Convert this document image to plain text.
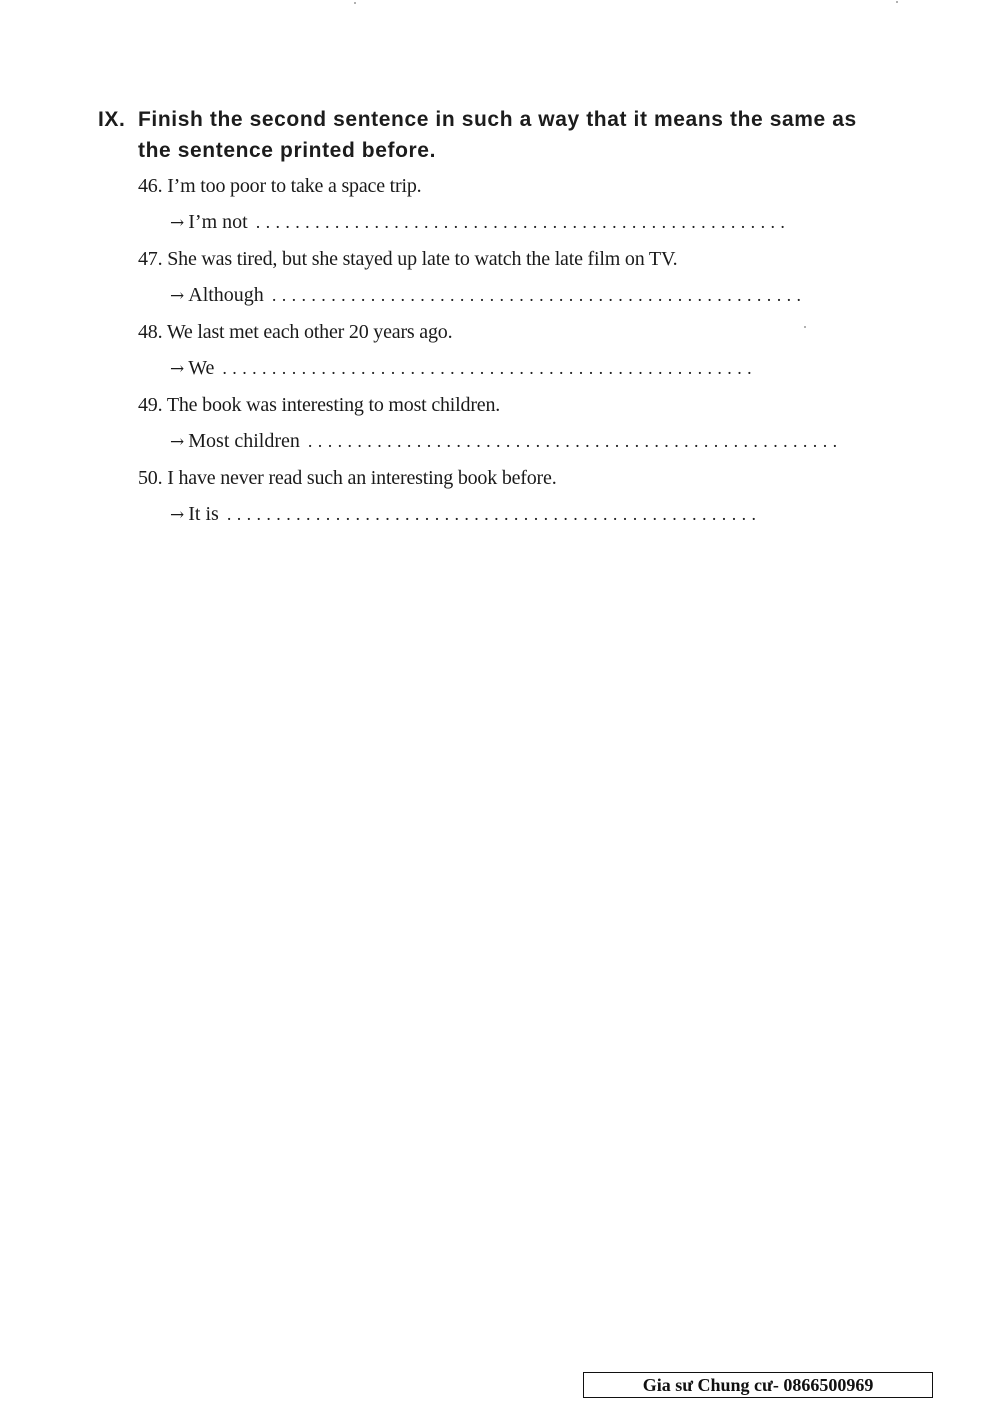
IX. Finish the second sentence in such a way that it means the same as
the sentence printed before.
46. I’m too poor to take a space trip.
→ I’m not ......................................................
47. She was tired, but she stayed up late to watch the late film on TV.
→ Although ......................................................
48. We last met each other 20 years ago.
→ We ......................................................
49. The book was interesting to most children.
→ Most children ......................................................
50. I have never read such an interesting book before.
→ It is ......................................................
Gia sư Chung cư- 0866500969
